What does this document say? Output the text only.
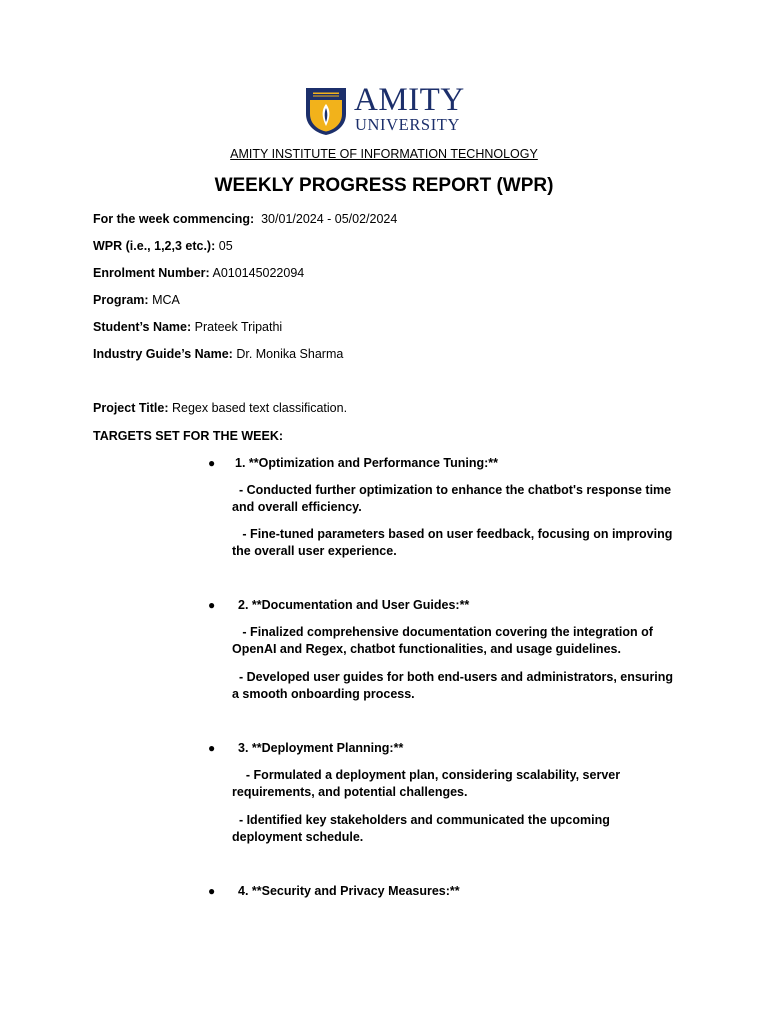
AMITY
UNIVERSITY
AMITY INSTITUTE OF INFORMATION TECHNOLOGY
WEEKLY PROGRESS REPORT (WPR)
For the week commencing: 30/01/2024 - 05/02/2024
WPR (i.e., 1,2,3 etc.): 05
Enrolment Number: A010145022094
Program: MCA
Student’s Name: Prateek Tripathi
Industry Guide’s Name: Dr. Monika Sharma
Project Title: Regex based text classification.
TARGETS SET FOR THE WEEK:
● 1. **Optimization and Performance Tuning:**
- Conducted further optimization to enhance the chatbot's response time and overall efficiency.
- Fine-tuned parameters based on user feedback, focusing on improving the overall user experience.
● 2. **Documentation and User Guides:**
- Finalized comprehensive documentation covering the integration of OpenAI and Regex, chatbot functionalities, and usage guidelines.
- Developed user guides for both end-users and administrators, ensuring a smooth onboarding process.
● 3. **Deployment Planning:**
- Formulated a deployment plan, considering scalability, server requirements, and potential challenges.
- Identified key stakeholders and communicated the upcoming deployment schedule.
● 4. **Security and Privacy Measures:**
